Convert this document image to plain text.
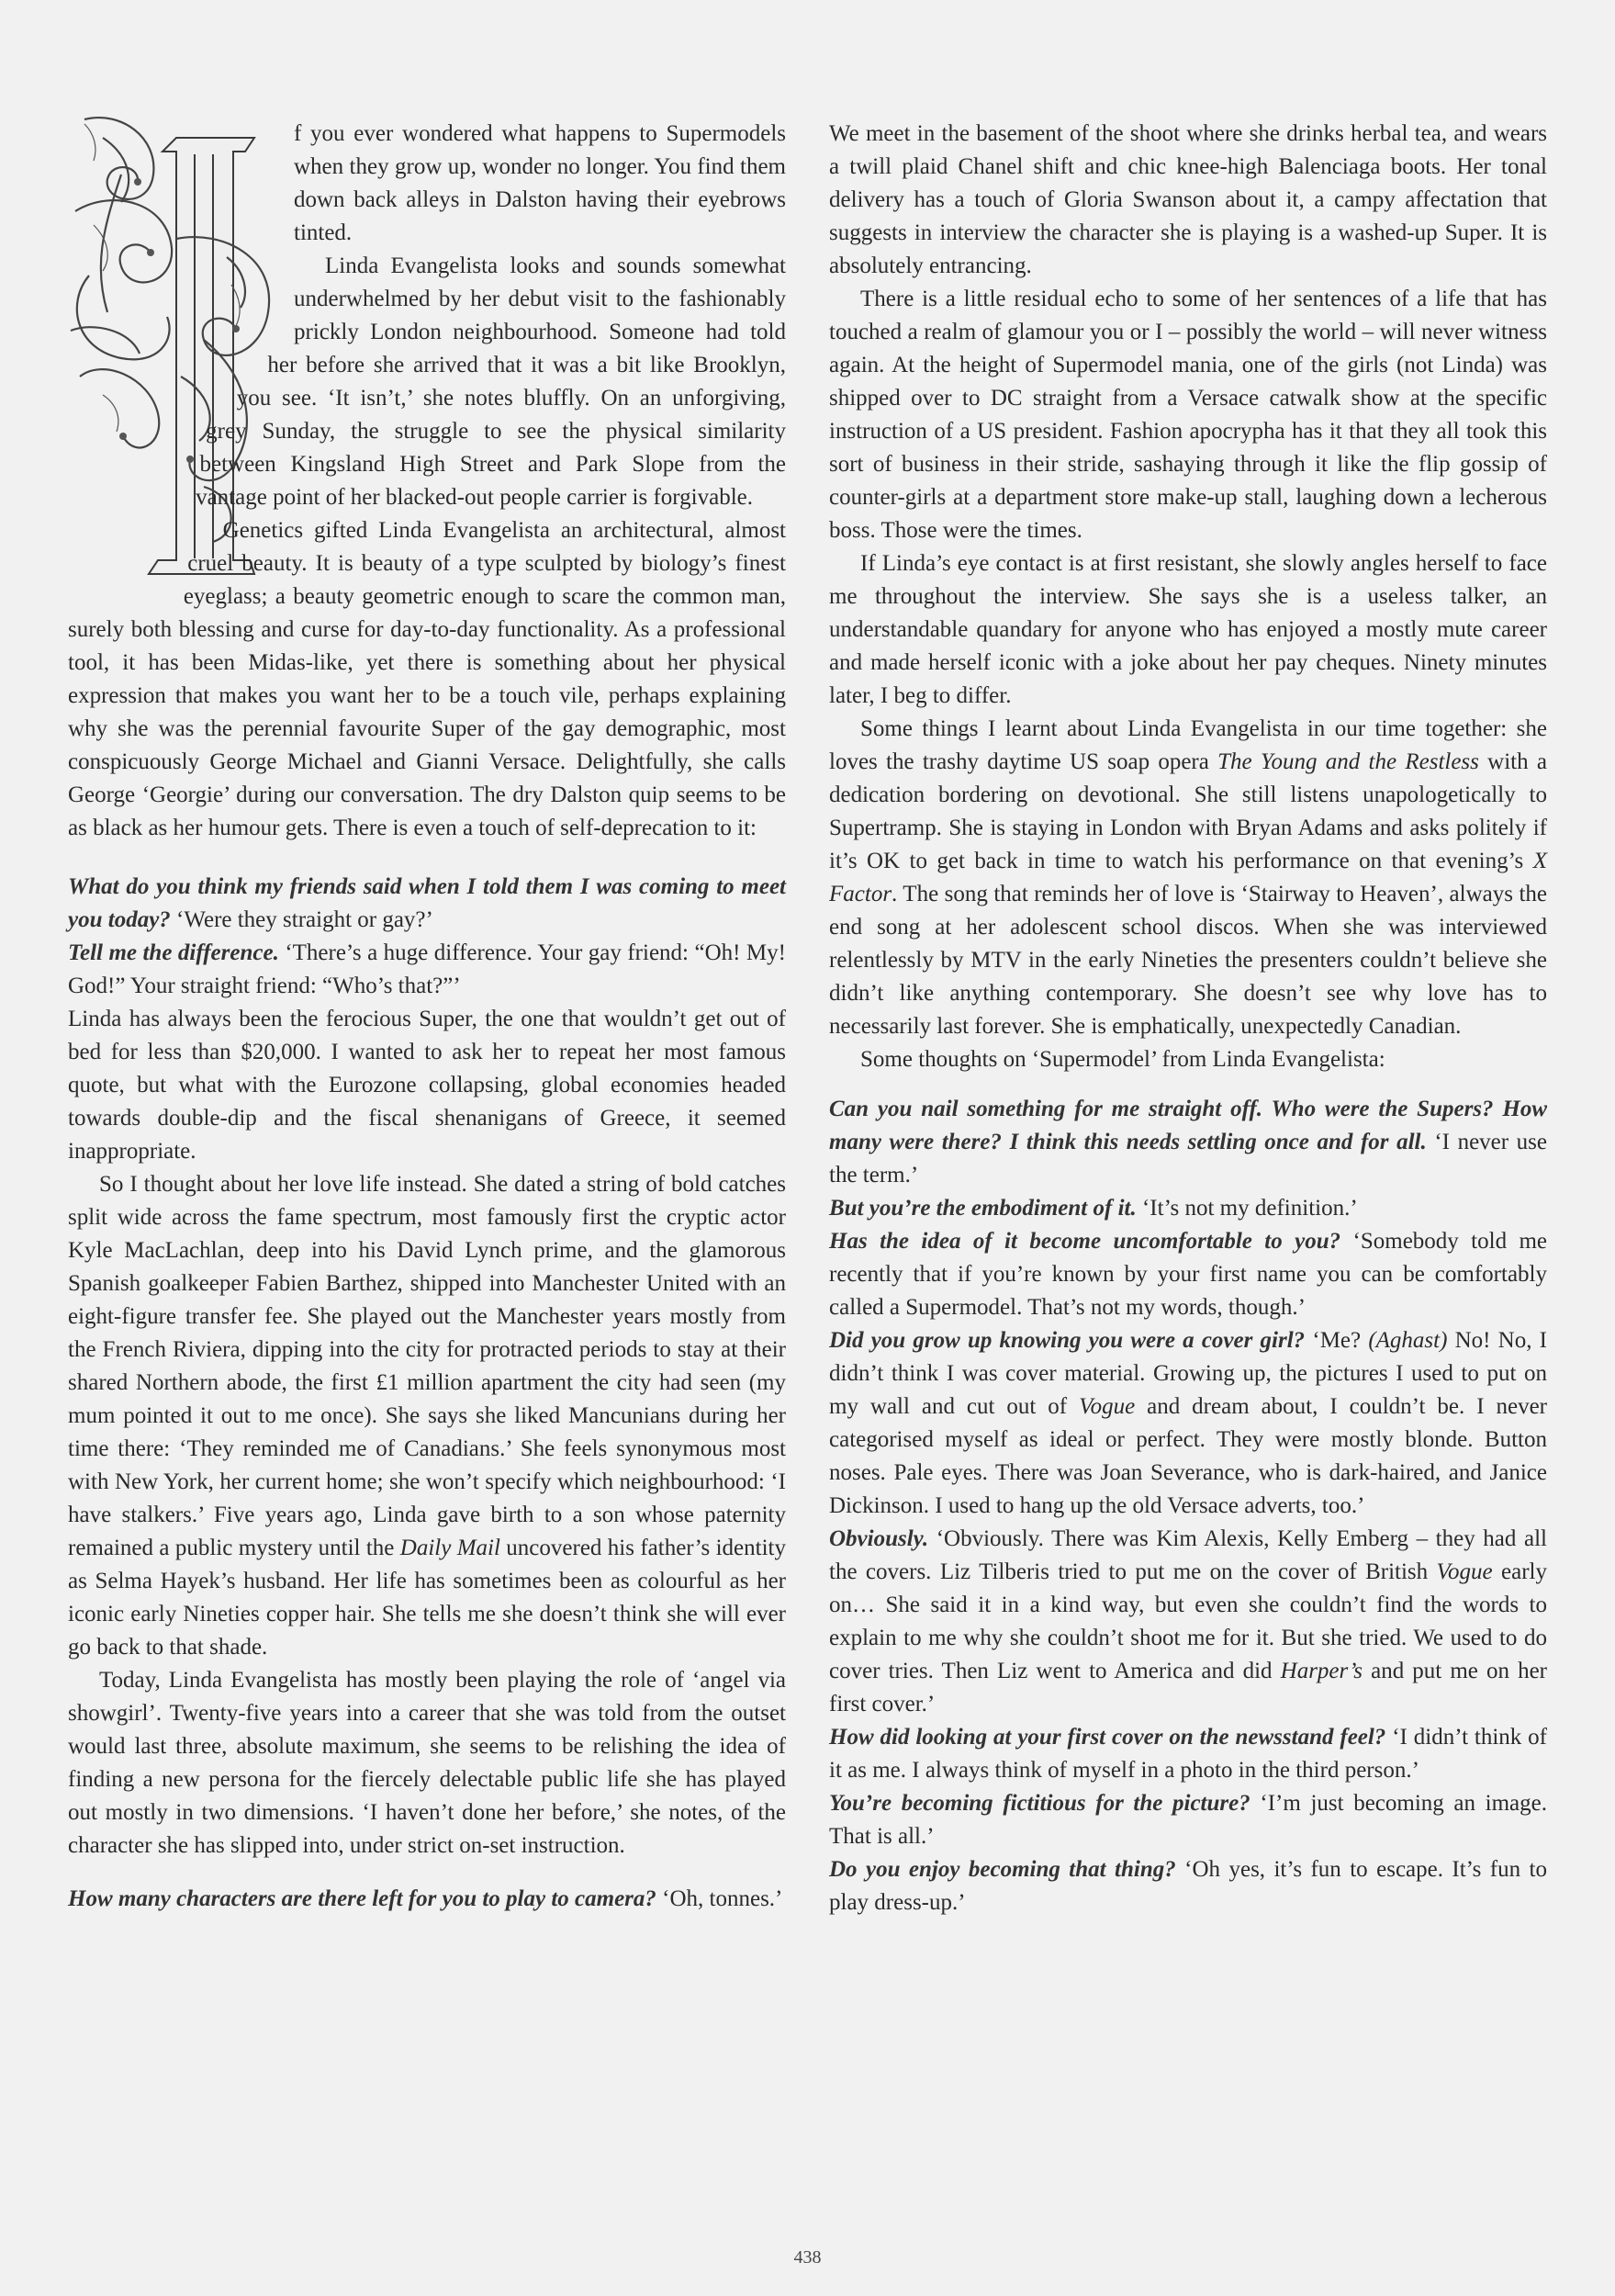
f you ever wondered what happens to Supermodels when they grow up, wonder no longer. You find them down back alleys in Dalston having their eyebrows tinted.

Linda Evangelista looks and sounds somewhat underwhelmed by her debut visit to the fashionably prickly London neighbourhood. Someone had told her before she arrived that it was a bit like Brooklyn, you see. ‘It isn’t,’ she notes bluffly. On an unforgiving, grey Sunday, the struggle to see the physical similarity between Kingsland High Street and Park Slope from the vantage point of her blacked-out people carrier is forgivable.

Genetics gifted Linda Evangelista an architectural, almost cruel beauty. It is beauty of a type sculpted by biology’s finest eyeglass; a beauty geometric enough to scare the common man, surely both blessing and curse for day-to-day functionality. As a professional tool, it has been Midas-like, yet there is something about her physical expression that makes you want her to be a touch vile, perhaps explaining why she was the perennial favourite Super of the gay demographic, most conspicuously George Michael and Gianni Versace. Delightfully, she calls George ‘Georgie’ during our conversation. The dry Dalston quip seems to be as black as her humour gets. There is even a touch of self-deprecation to it:

What do you think my friends said when I told them I was coming to meet you today? ‘Were they straight or gay?’

Tell me the difference. ‘There’s a huge difference. Your gay friend: “Oh! My! God!” Your straight friend: “Who’s that?”’

Linda has always been the ferocious Super, the one that wouldn’t get out of bed for less than $20,000. I wanted to ask her to repeat her most famous quote, but what with the Eurozone collapsing, global economies headed towards double-dip and the fiscal shenanigans of Greece, it seemed inappropriate.

So I thought about her love life instead. She dated a string of bold catches split wide across the fame spectrum, most famously first the cryptic actor Kyle MacLachlan, deep into his David Lynch prime, and the glamorous Spanish goalkeeper Fabien Barthez, shipped into Manchester United with an eight-figure transfer fee. She played out the Manchester years mostly from the French Riviera, dipping into the city for protracted periods to stay at their shared Northern abode, the first £1 million apartment the city had seen (my mum pointed it out to me once). She says she liked Mancunians during her time there: ‘They reminded me of Canadians.’ She feels synonymous most with New York, her current home; she won’t specify which neighbourhood: ‘I have stalkers.’ Five years ago, Linda gave birth to a son whose paternity remained a public mystery until the Daily Mail uncovered his father’s identity as Selma Hayek’s husband. Her life has sometimes been as colourful as her iconic early Nineties copper hair. She tells me she doesn’t think she will ever go back to that shade.

Today, Linda Evangelista has mostly been playing the role of ‘angel via showgirl’. Twenty-five years into a career that she was told from the outset would last three, absolute maximum, she seems to be relishing the idea of finding a new persona for the fiercely delectable public life she has played out mostly in two dimensions. ‘I haven’t done her before,’ she notes, of the character she has slipped into, under strict on-set instruction.

How many characters are there left for you to play to camera? ‘Oh, tonnes.’

We meet in the basement of the shoot where she drinks herbal tea, and wears a twill plaid Chanel shift and chic knee-high Balenciaga boots. Her tonal delivery has a touch of Gloria Swanson about it, a campy affectation that suggests in interview the character she is playing is a washed-up Super. It is absolutely entrancing.

There is a little residual echo to some of her sentences of a life that has touched a realm of glamour you or I – possibly the world – will never witness again. At the height of Supermodel mania, one of the girls (not Linda) was shipped over to DC straight from a Versace catwalk show at the specific instruction of a US president. Fashion apocrypha has it that they all took this sort of business in their stride, sashaying through it like the flip gossip of counter-girls at a department store make-up stall, laughing down a lecherous boss. Those were the times.

If Linda’s eye contact is at first resistant, she slowly angles herself to face me throughout the interview. She says she is a useless talker, an understandable quandary for anyone who has enjoyed a mostly mute career and made herself iconic with a joke about her pay cheques. Ninety minutes later, I beg to differ.

Some things I learnt about Linda Evangelista in our time together: she loves the trashy daytime US soap opera The Young and the Restless with a dedication bordering on devotional. She still listens unapologetically to Supertramp. She is staying in London with Bryan Adams and asks politely if it’s OK to get back in time to watch his performance on that evening’s X Factor. The song that reminds her of love is ‘Stairway to Heaven’, always the end song at her adolescent school discos. When she was interviewed relentlessly by MTV in the early Nineties the presenters couldn’t believe she didn’t like anything contemporary. She doesn’t see why love has to necessarily last forever. She is emphatically, unexpectedly Canadian.

Some thoughts on ‘Supermodel’ from Linda Evangelista:

Can you nail something for me straight off. Who were the Supers? How many were there? I think this needs settling once and for all. ‘I never use the term.’

But you’re the embodiment of it. ‘It’s not my definition.’

Has the idea of it become uncomfortable to you? ‘Somebody told me recently that if you’re known by your first name you can be comfortably called a Supermodel. That’s not my words, though.’

Did you grow up knowing you were a cover girl? ‘Me? (Aghast) No! No, I didn’t think I was cover material. Growing up, the pictures I used to put on my wall and cut out of Vogue and dream about, I couldn’t be. I never categorised myself as ideal or perfect. They were mostly blonde. Button noses. Pale eyes. There was Joan Severance, who is dark-haired, and Janice Dickinson. I used to hang up the old Versace adverts, too.’

Obviously. ‘Obviously. There was Kim Alexis, Kelly Emberg – they had all the covers. Liz Tilberis tried to put me on the cover of British Vogue early on… She said it in a kind way, but even she couldn’t find the words to explain to me why she couldn’t shoot me for it. But she tried. We used to do cover tries. Then Liz went to America and did Harper’s and put me on her first cover.’

How did looking at your first cover on the newsstand feel? ‘I didn’t think of it as me. I always think of myself in a photo in the third person.’

You’re becoming fictitious for the picture? ‘I’m just becoming an image. That is all.’

Do you enjoy becoming that thing? ‘Oh yes, it’s fun to escape. It’s fun to play dress-up.’

438
